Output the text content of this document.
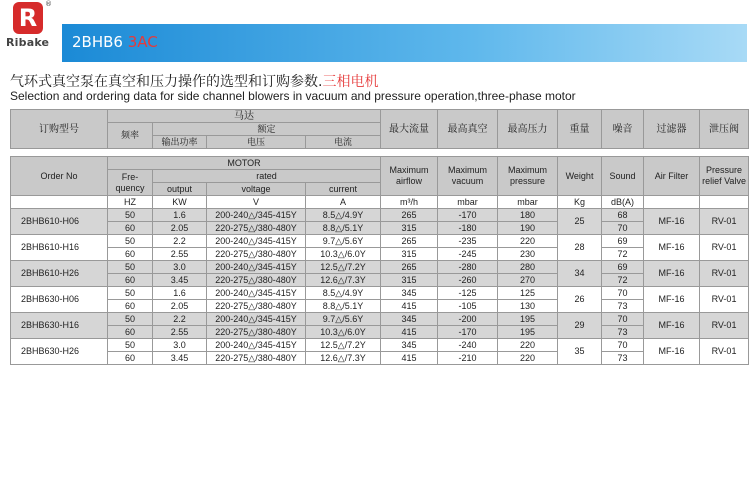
R	®
Ribake 2BHB6 3AC
气环式真空泵在真空和压力操作的选型和订购参数.三相电机
Selection and ordering data for side channel blowers in vacuum and pressure operation,three-phase motor
订购型号	马达				最大流量	最高真空	最高压力	重量	噪音	过滤器	泄压阀
	频率	额定									
		输出功率	电压	电流							
Order No	MOTOR				Maximum airflow	Maximum vacuum	Maximum pressure	Weight	Sound	Air Filter	Pressure relief Valve
	Fre-quency	rated									
		output	voltage	current							
	HZ	KW	V	A	m³/h	mbar	mbar	Kg	dB(A)		
2BHB610-H06	50	1.6	200-240△/345-415Y	8.5△/4.9Y	265	-170	180	25	68	MF-16	RV-01
	60	2.05	220-275△/380-480Y	8.8△/5.1Y	315	-180	190		70		
2BHB610-H16	50	2.2	200-240△/345-415Y	9.7△/5.6Y	265	-235	220	28	69	MF-16	RV-01
	60	2.55	220-275△/380-480Y	10.3△/6.0Y	315	-245	230		72		
2BHB610-H26	50	3.0	200-240△/345-415Y	12.5△/7.2Y	265	-280	280	34	69	MF-16	RV-01
	60	3.45	220-275△/380-480Y	12.6△/7.3Y	315	-260	270		72		
2BHB630-H06	50	1.6	200-240△/345-415Y	8.5△/4.9Y	345	-125	125	26	70	MF-16	RV-01
	60	2.05	220-275△/380-480Y	8.8△/5.1Y	415	-105	130		73		
2BHB630-H16	50	2.2	200-240△/345-415Y	9.7△/5.6Y	345	-200	195	29	70	MF-16	RV-01
	60	2.55	220-275△/380-480Y	10.3△/6.0Y	415	-170	195		73		
2BHB630-H26	50	3.0	200-240△/345-415Y	12.5△/7.2Y	345	-240	220	35	70	MF-16	RV-01
	60	3.45	220-275△/380-480Y	12.6△/7.3Y	415	-210	220		73		
